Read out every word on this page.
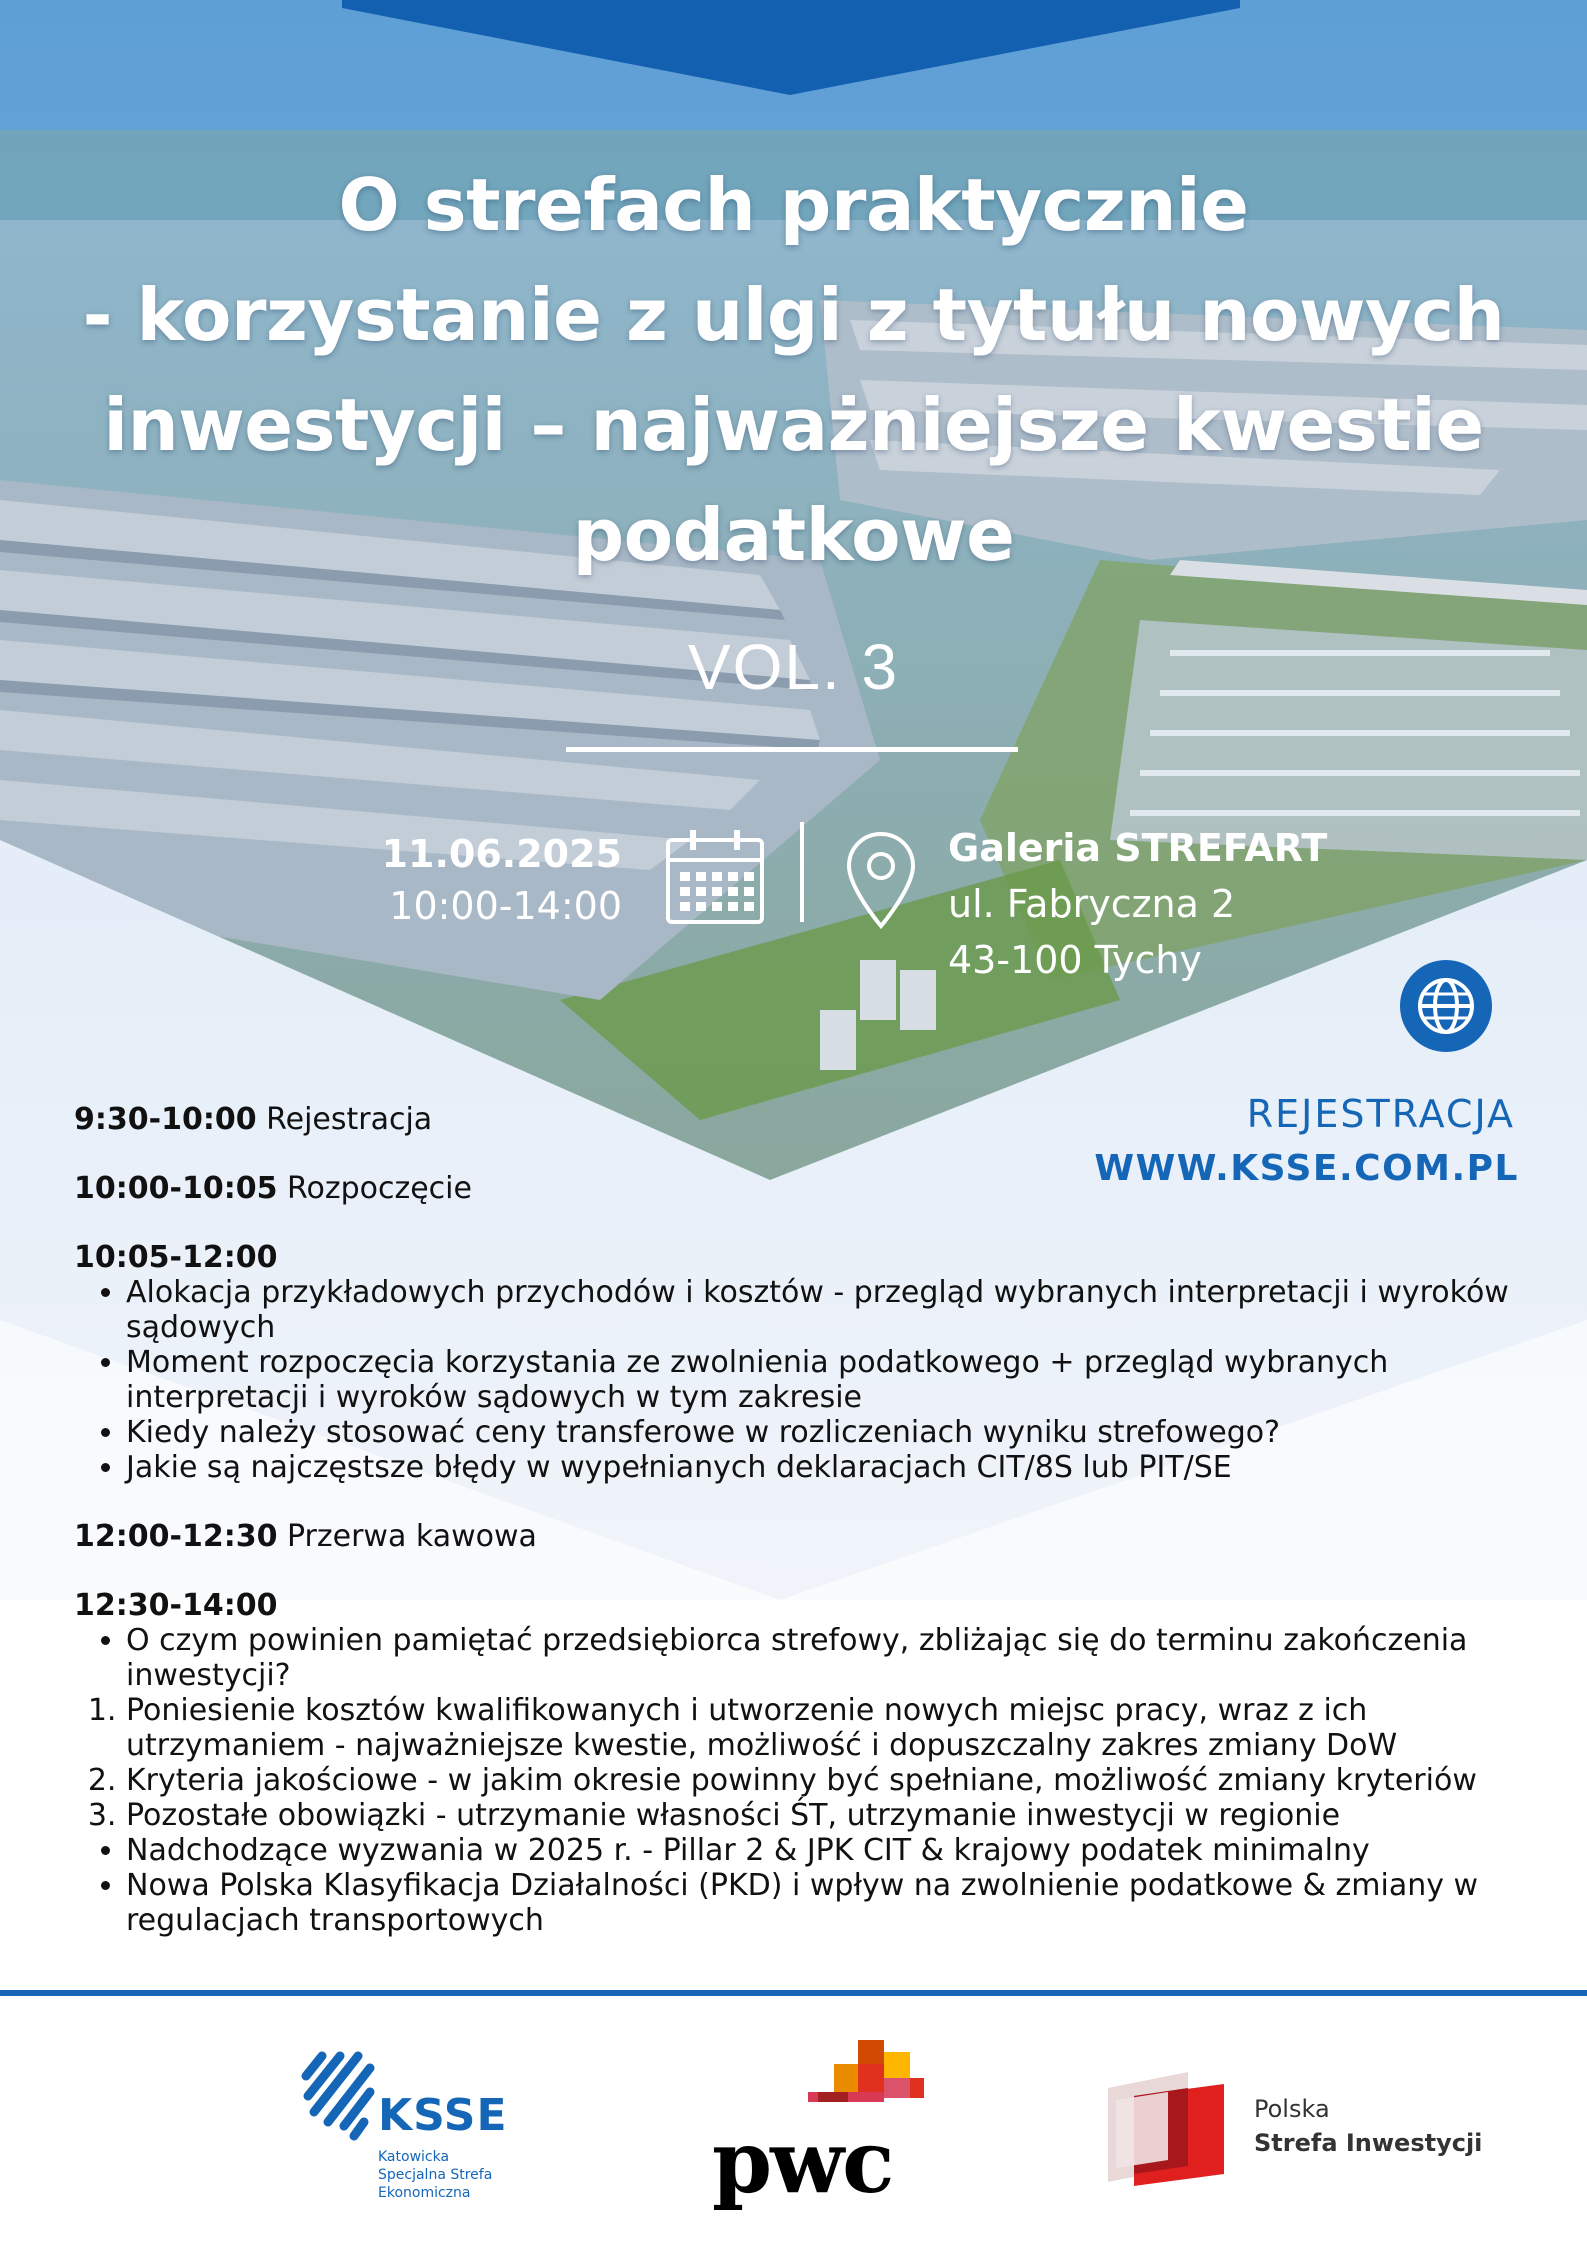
O strefach praktycznie
- korzystanie z ulgi z tytułu nowych
inwestycji – najważniejsze kwestie
podatkowe
VOL. 3
11.06.2025
10:00-14:00
Galeria STREFART
ul. Fabryczna 2
43-100 Tychy
REJESTRACJA
WWW.KSSE.COM.PL
9:30-10:00 Rejestracja
10:00-10:05 Rozpoczęcie
10:05-12:00
• Alokacja przykładowych przychodów i kosztów - przegląd wybranych interpretacji i wyroków sądowych
• Moment rozpoczęcia korzystania ze zwolnienia podatkowego + przegląd wybranych interpretacji i wyroków sądowych w tym zakresie
• Kiedy należy stosować ceny transferowe w rozliczeniach wyniku strefowego?
• Jakie są najczęstsze błędy w wypełnianych deklaracjach CIT/8S lub PIT/SE
12:00-12:30 Przerwa kawowa
12:30-14:00
• O czym powinien pamiętać przedsiębiorca strefowy, zbliżając się do terminu zakończenia inwestycji?
1. Poniesienie kosztów kwalifikowanych i utworzenie nowych miejsc pracy, wraz z ich utrzymaniem - najważniejsze kwestie, możliwość i dopuszczalny zakres zmiany DoW
2. Kryteria jakościowe - w jakim okresie powinny być spełniane, możliwość zmiany kryteriów
3. Pozostałe obowiązki - utrzymanie własności ŚT, utrzymanie inwestycji w regionie
• Nadchodzące wyzwania w 2025 r. - Pillar 2 & JPK CIT & krajowy podatek minimalny
• Nowa Polska Klasyfikacja Działalności (PKD) i wpływ na zwolnienie podatkowe & zmiany w regulacjach transportowych
KSSE
Katowicka
Specjalna Strefa
Ekonomiczna	pwc
Polska
Strefa Inwestycji
